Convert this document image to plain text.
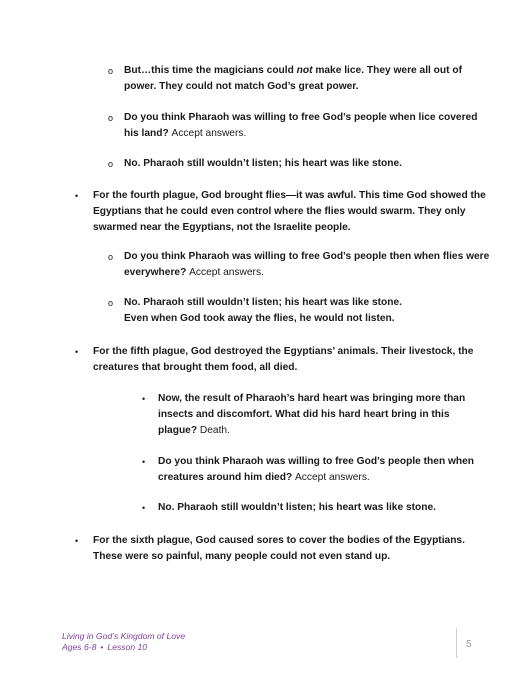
o But…this time the magicians could not make lice. They were all out of
power. They could not match God’s great power.
o Do you think Pharaoh was willing to free God’s people when lice covered
his land? Accept answers.
o No. Pharaoh still wouldn’t listen; his heart was like stone.
• For the fourth plague, God brought flies—it was awful. This time God showed the
Egyptians that he could even control where the flies would swarm. They only
swarmed near the Egyptians, not the Israelite people.
o Do you think Pharaoh was willing to free God’s people then when flies were
everywhere? Accept answers.
o No. Pharaoh still wouldn’t listen; his heart was like stone.
Even when God took away the flies, he would not listen.
• For the fifth plague, God destroyed the Egyptians’ animals. Their livestock, the
creatures that brought them food, all died.
• Now, the result of Pharaoh’s hard heart was bringing more than
insects and discomfort. What did his hard heart bring in this
plague? Death.
• Do you think Pharaoh was willing to free God’s people then when
creatures around him died? Accept answers.
• No. Pharaoh still wouldn’t listen; his heart was like stone.
• For the sixth plague, God caused sores to cover the bodies of the Egyptians.
These were so painful, many people could not even stand up.
Living in God’s Kingdom of Love
Ages 6-8 • Lesson 10	5
